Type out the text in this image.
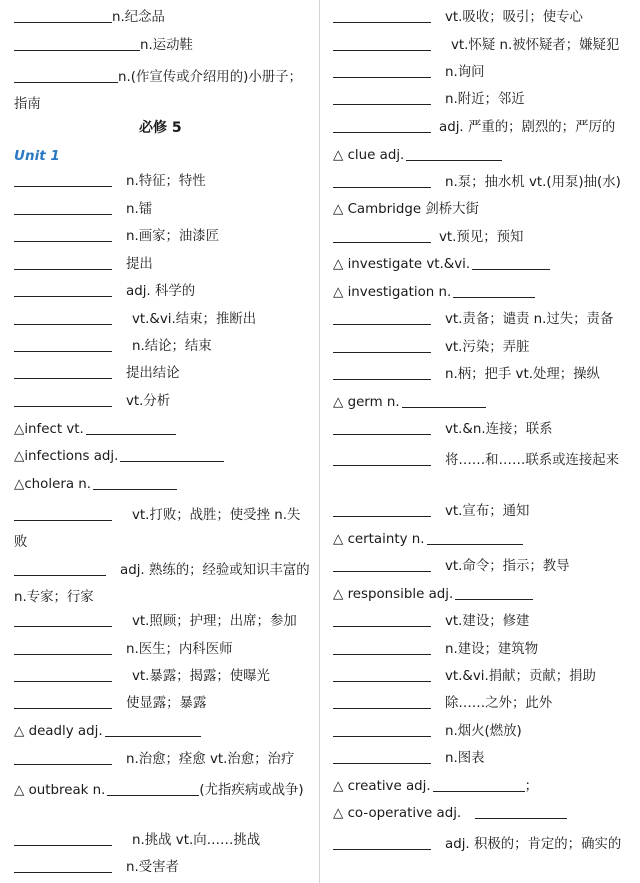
n.纪念品
n.运动鞋
n.(作宣传或介绍用的)小册子；指南
必修 5
Unit 1
n.特征；特性
n.镭
n.画家；油漆匠
提出
adj. 科学的
vt.&vi.结束；推断出
n.结论；结束
提出结论
vt.分析
△infect vt.
△infections adj.
△cholera n.
vt.打败；战胜；使受挫 n.失败
adj. 熟练的；经验或知识丰富的 n.专家；行家
vt.照顾；护理；出席；参加
n.医生；内科医师
vt.暴露；揭露；使曝光
使显露；暴露
△ deadly adj.
n.治愈；痊愈 vt.治愈；治疗
△ outbreak n.	(尤指疾病或战争)
n.挑战 vt.向……挑战
n.受害者
vt.吸收；吸引；使专心
vt.怀疑 n.被怀疑者；嫌疑犯
n.询问
n.附近；邻近
adj. 严重的；剧烈的；严厉的
△ clue adj.
n.泵；抽水机 vt.(用泵)抽(水)
△ Cambridge 剑桥大街
vt.预见；预知
△ investigate vt.&vi.
△ investigation n.
vt.责备；谴责 n.过失；责备
vt.污染；弄脏
n.柄；把手 vt.处理；操纵
△ germ n.
vt.&n.连接；联系
将……和……联系或连接起来
vt.宣布；通知
△ certainty n.
vt.命令；指示；教导
△ responsible adj.
vt.建设；修建
n.建设；建筑物
vt.&vi.捐献；贡献；捐助
除……之外；此外
n.烟火(燃放)
n.图表
△ creative adj.	；
△ co-operative adj.
adj. 积极的；肯定的；确实的
